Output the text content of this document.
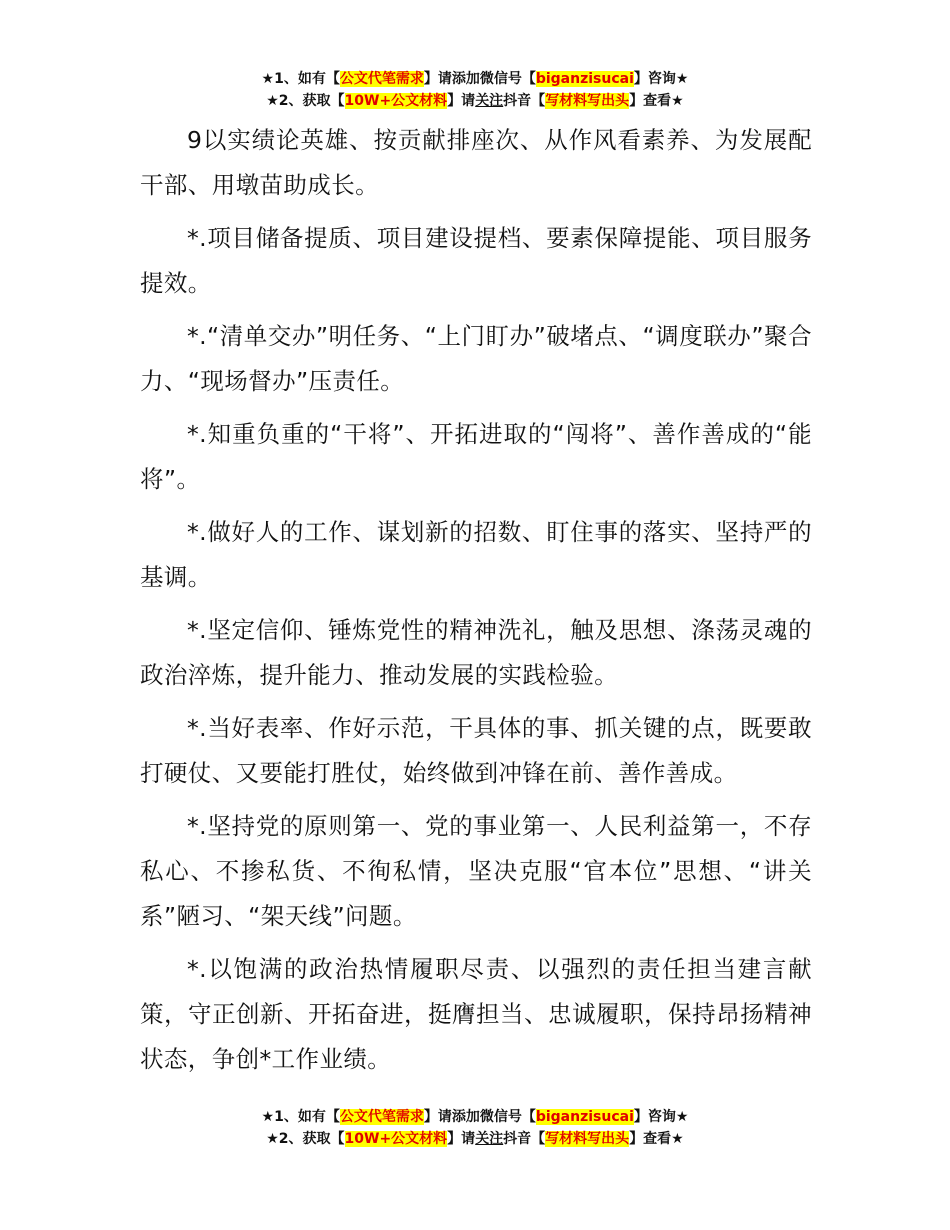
★1、如有【公文代笔需求】请添加微信号【biganzisucai】咨询★
★2、获取【10W+公文材料】请关注抖音【写材料写出头】查看★

9以实绩论英雄、按贡献排座次、从作风看素养、为发展配干部、用墩苗助成长。

*.项目储备提质、项目建设提档、要素保障提能、项目服务提效。

*.“清单交办”明任务、“上门盯办”破堵点、“调度联办”聚合力、“现场督办”压责任。

*.知重负重的“干将”、开拓进取的“闯将”、善作善成的“能将”。

*.做好人的工作、谋划新的招数、盯住事的落实、坚持严的基调。

*.坚定信仰、锤炼党性的精神洗礼，触及思想、涤荡灵魂的政治淬炼，提升能力、推动发展的实践检验。

*.当好表率、作好示范，干具体的事、抓关键的点，既要敢打硬仗、又要能打胜仗，始终做到冲锋在前、善作善成。

*.坚持党的原则第一、党的事业第一、人民利益第一，不存私心、不掺私货、不徇私情，坚决克服“官本位”思想、“讲关系”陋习、“架天线”问题。

*.以饱满的政治热情履职尽责、以强烈的责任担当建言献策，守正创新、开拓奋进，挺膺担当、忠诚履职，保持昂扬精神状态，争创*工作业绩。

★1、如有【公文代笔需求】请添加微信号【biganzisucai】咨询★
★2、获取【10W+公文材料】请关注抖音【写材料写出头】查看★
